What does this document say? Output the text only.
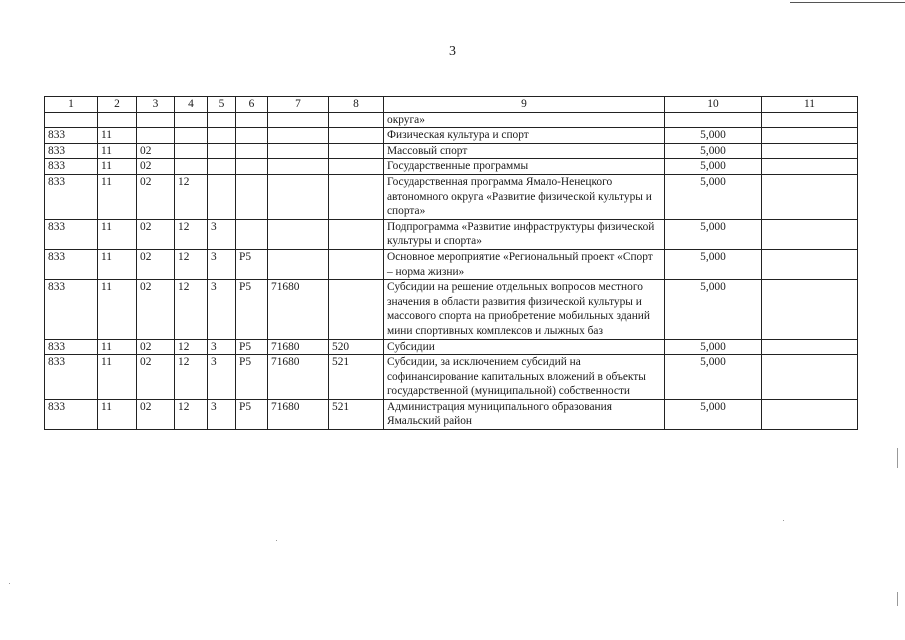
3
1	2	3	4	5	6	7	8	9	10	11
								округа»		
833	11							Физическая культура и спорт	5,000	
833	11	02						Массовый спорт	5,000	
833	11	02						Государственные программы	5,000	
833	11	02	12					Государственная программа Ямало-Ненецкого автономного округа «Развитие физической культуры и спорта»	5,000	
833	11	02	12	3				Подпрограмма «Развитие инфраструктуры физической культуры и спорта»	5,000	
833	11	02	12	3	P5			Основное мероприятие «Региональный проект «Спорт – норма жизни»	5,000	
833	11	02	12	3	P5	71680		Субсидии на решение отдельных вопросов местного значения в области развития физической культуры и массового спорта на приобретение мобильных зданий мини спортивных комплексов и лыжных баз	5,000	
833	11	02	12	3	P5	71680	520	Субсидии	5,000	
833	11	02	12	3	P5	71680	521	Субсидии, за исключением субсидий на софинансирование капитальных вложений в объекты государственной (муниципальной) собственности	5,000	
833	11	02	12	3	P5	71680	521	Администрация муниципального образования Ямальский район	5,000	
